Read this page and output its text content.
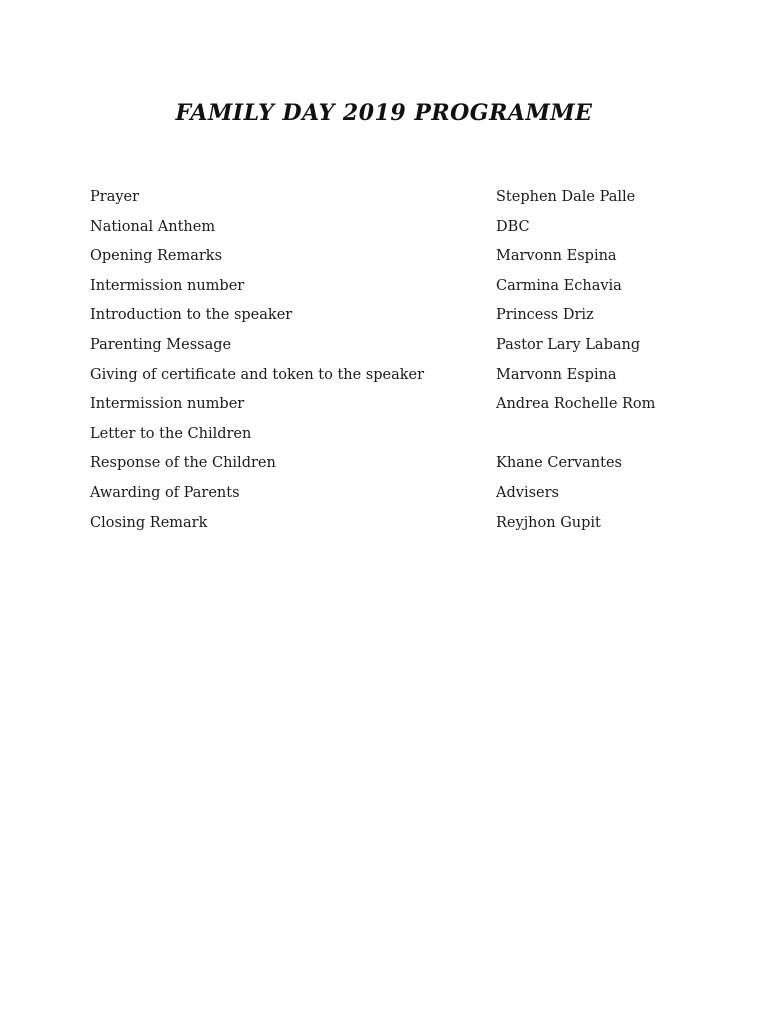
FAMILY DAY 2019 PROGRAMME
Prayer	Stephen Dale Palle
National Anthem	DBC
Opening Remarks	Marvonn Espina
Intermission number	Carmina Echavia
Introduction to the speaker	Princess Driz
Parenting Message	Pastor Lary Labang
Giving of certificate and token to the speaker	Marvonn Espina
Intermission number	Andrea Rochelle Rom
Letter to the Children
Response of the Children	Khane Cervantes
Awarding of Parents	Advisers
Closing Remark	Reyjhon Gupit
